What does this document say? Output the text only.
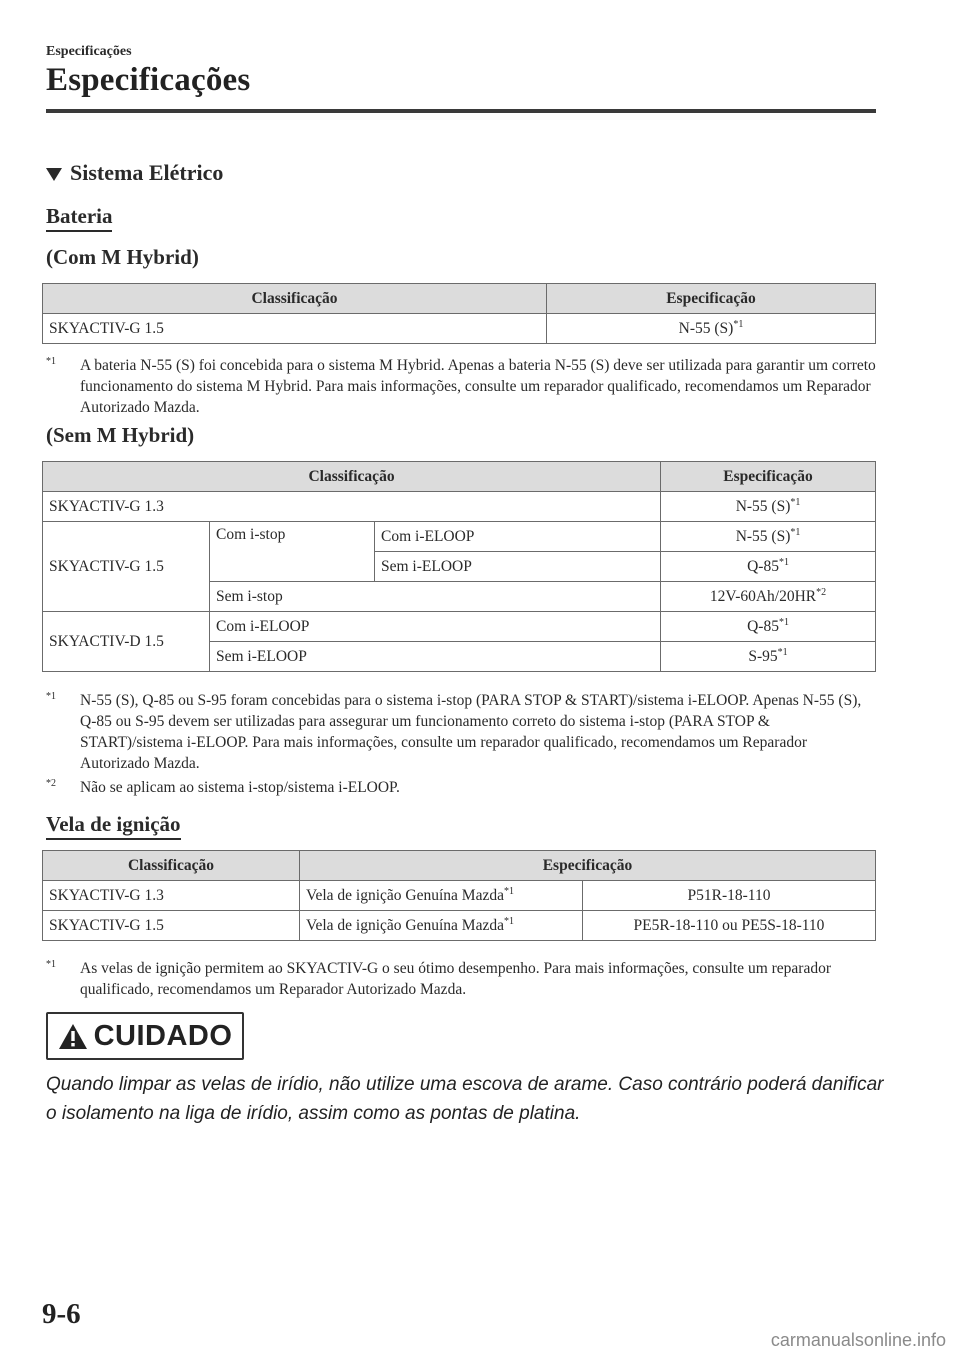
Especificações
Especificações
Sistema Elétrico
Bateria
(Com M Hybrid)
Classificação	Especificação
SKYACTIV-G 1.5	N-55 $(S)^{*1}$
$^{*1}$ A bateria N-55 (S) foi concebida para o sistema M Hybrid. Apenas a bateria N-55 (S) deve ser utilizada para garantir um correto funcionamento do sistema M Hybrid. Para mais informações, consulte um reparador qualificado, recomendamos um Reparador Autorizado Mazda.
(Sem M Hybrid)
Classificação			Especificação
SKYACTIV-G 1.3			N-55 $(S)^{*1}$
SKYACTIV-G 1.5	Com i-stop	Com i-ELOOP	N-55 $(S)^{*1}$
		Sem i-ELOOP	Q-85$^{*1}$
	Sem i-stop		12V-60Ah/20HR$^{*2}$
SKYACTIV-D 1.5	Com i-ELOOP		Q-85$^{*1}$
	Sem i-ELOOP		S-95$^{*1}$
$^{*1}$ N-55 (S), Q-85 ou S-95 foram concebidas para o sistema i-stop (PARA STOP & START)/sistema i-ELOOP. Apenas N-55 (S), Q-85 ou S-95 devem ser utilizadas para assegurar um funcionamento correto do sistema i-stop (PARA STOP & START)/sistema i-ELOOP. Para mais informações, consulte um reparador qualificado, recomendamos um Reparador Autorizado Mazda.
$^{*2}$ Não se aplicam ao sistema i-stop/sistema i-ELOOP.
Vela de ignição
Classificação	Especificação	
SKYACTIV-G 1.3	Vela de ignição Genuína Mazda$^{*1}$	P51R-18-110
SKYACTIV-G 1.5	Vela de ignição Genuína Mazda$^{*1}$	PE5R-18-110 ou PE5S-18-110
$^{*1}$ As velas de ignição permitem ao SKYACTIV-G o seu ótimo desempenho. Para mais informações, consulte um reparador qualificado, recomendamos um Reparador Autorizado Mazda.
CUIDADO
Quando limpar as velas de irídio, não utilize uma escova de arame. Caso contrário poderá danificar o isolamento na liga de irídio, assim como as pontas de platina.
9-6
carmanualsonline.info
